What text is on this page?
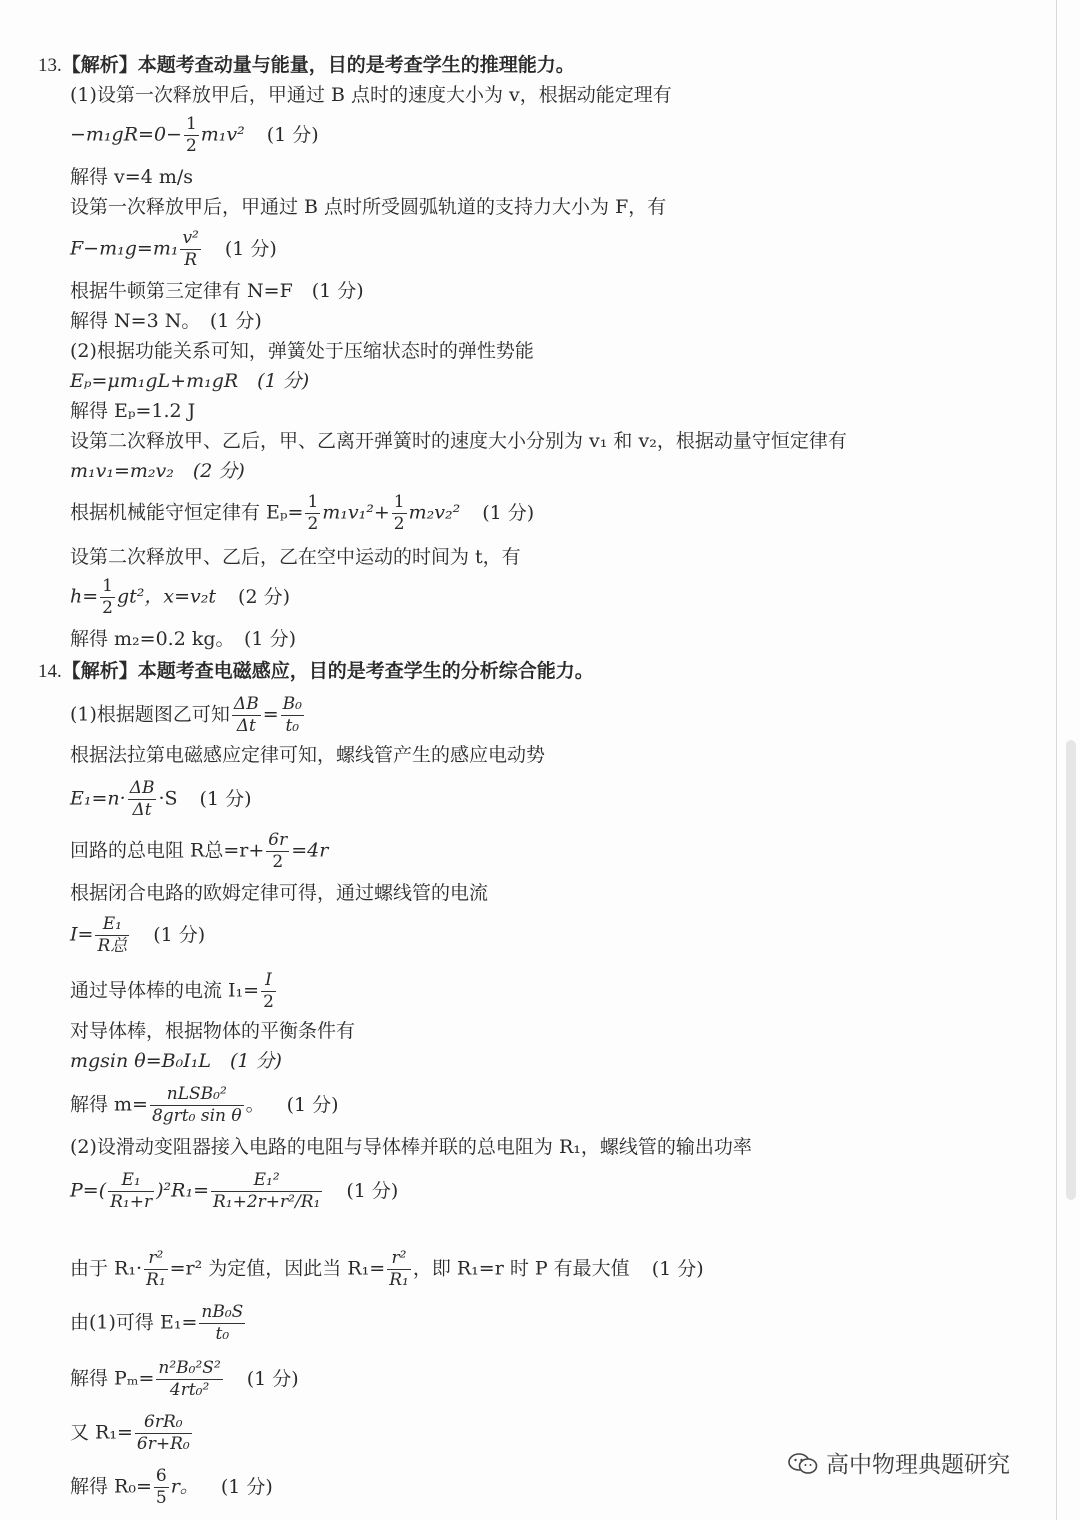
13.【解析】本题考查动量与能量，目的是考查学生的推理能力。
(1)设第一次释放甲后，甲通过 B 点时的速度大小为 v，根据动能定理有
$-m_1gR=0- \frac{1}{2} m_1v^2$ (1 分)
解得 v=4 m/s
设第一次释放甲后，甲通过 B 点时所受圆弧轨道的支持力大小为 F，有
$F-m_1g=m_1 \frac{\text{v²}}{R} (1$ 分)
根据牛顿第三定律有 N=F　(1 分)
解得 N=3 N。　(1 分)
(2)根据功能关系可知，弹簧处于压缩状态时的弹性势能
Eₚ=μm₁gL+m₁gR　(1 分)
解得 Eₚ=1.2 J
设第二次释放甲、乙后，甲、乙离开弹簧时的速度大小分别为 v₁ 和 v₂，根据动量守恒定律有
m₁v₁=m₂v₂　(2 分)
根据机械能守恒定律有 $E_p= \frac{1}{2} m_1v_1^2+ \frac{1}{2} m_2v_2^2$ (1 分)
设第二次释放甲、乙后，乙在空中运动的时间为 t，有
$h= \frac{1}{2} gt^2$，x=v₂t (2 分)
解得 m₂=0.2 kg。　(1 分)
14.【解析】本题考查电磁感应，目的是考查学生的分析综合能力。
(1)根据题图乙可知 $\frac{\Delta B}{\Delta t} = \frac{\text{B₀}}{\text{t₀}}$
根据法拉第电磁感应定律可知，螺线管产生的感应电动势
$E_1=n\cdot \frac{\Delta B}{\Delta t} \cdot S$ (1 分)
回路的总电阻 R总$=r+ \frac{6r}{2} =4r$
根据闭合电路的欧姆定律可得，通过螺线管的电流
$I= \frac{\text{E₁}}{\text{R总}} (1$ 分)
通过导体棒的电流 $I_1= \frac{I}{2}$
对导体棒，根据物体的平衡条件有
mgsin θ=B₀I₁L　(1 分)
解得 $m= \frac{\text{nLSB₀²}}{\text{8grt₀ sin θ}}$ 。 (1 分)
(2)设滑动变阻器接入电路的电阻与导体棒并联的总电阻为 R₁，螺线管的输出功率
$P=( \frac{\text{E₁}}{\text{R₁+r}} )^2R_1= \frac{\text{E₁²}}{\text{R₁+2r+r²/R₁}} (1$ 分)
由于 $R_1\cdot \frac{\text{r²}}{\text{R₁}} =r^2$ 为定值，因此当 $R_1= \frac{\text{r²}}{\text{R₁}}$ ，即 R₁=r 时 P 有最大值 (1 分)
由(1)可得 $E_1= \frac{\text{nB₀S}}{\text{t₀}}$
解得 $P_m= \frac{\text{n²B₀²S²}}{\text{4rt₀²}} (1$ 分)
又 $R_1= \frac{\text{6rR₀}}{\text{6r+R₀}}$
解得 $R_0= \frac{6}{5}$ r。 (1 分)
高中物理典题研究
